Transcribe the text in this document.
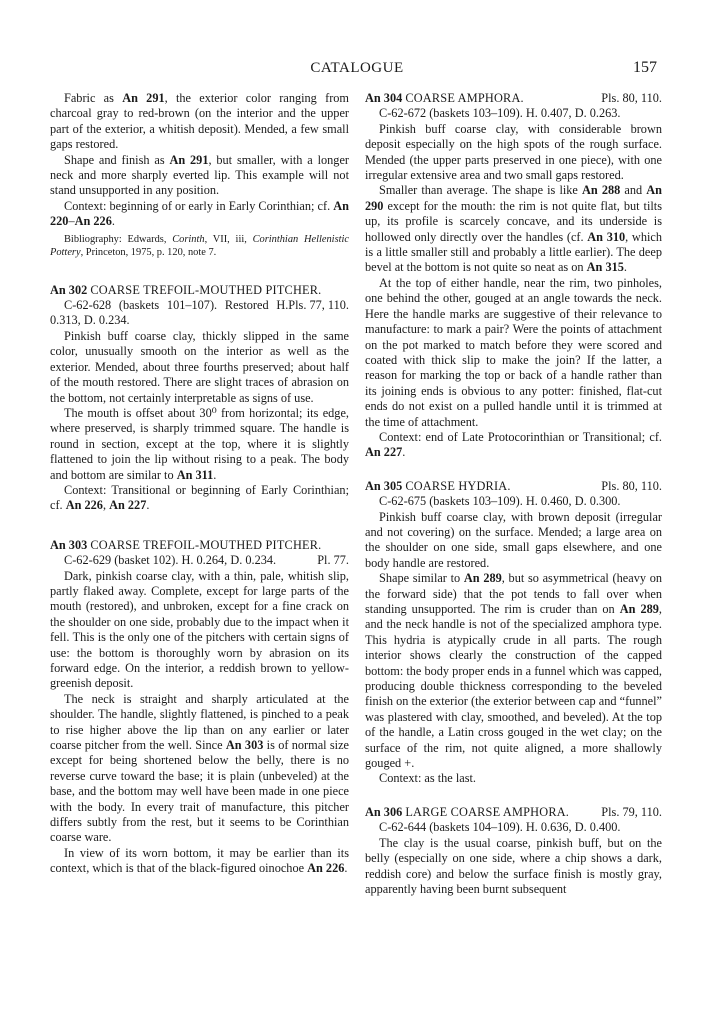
CATALOGUE	157

Fabric as An 291, the exterior color ranging from charcoal gray to red-brown (on the interior and the upper part of the exterior, a whitish deposit). Mended, a few small gaps restored.

Shape and finish as An 291, but smaller, with a longer neck and more sharply everted lip. This example will not stand unsupported in any position.

Context: beginning of or early in Early Corinthian; cf. An 220–An 226.

Bibliography: Edwards, Corinth, VII, iii, Corinthian Hellenistic Pottery, Princeton, 1975, p. 120, note 7.

An 302 COARSE TREFOIL-MOUTHED PITCHER.
Pls. 77, 110.

C-62-628 (baskets 101–107). Restored H. 0.313, D. 0.234.

Pinkish buff coarse clay, thickly slipped in the same color, unusually smooth on the interior as well as the exterior. Mended, about three fourths preserved; about half of the mouth restored. There are slight traces of abrasion on the bottom, not certainly interpretable as signs of use.

The mouth is offset about 30⁰ from horizontal; its edge, where preserved, is sharply trimmed square. The handle is round in section, except at the top, where it is slightly flattened to join the lip without rising to a peak. The body and bottom are similar to An 311.

Context: Transitional or beginning of Early Corinthian; cf. An 226, An 227.

An 303 COARSE TREFOIL-MOUTHED PITCHER.
Pl. 77.

C-62-629 (basket 102). H. 0.264, D. 0.234.

Dark, pinkish coarse clay, with a thin, pale, whitish slip, partly flaked away. Complete, except for large parts of the mouth (restored), and unbroken, except for a fine crack on the shoulder on one side, probably due to the impact when it fell. This is the only one of the pitchers with certain signs of use: the bottom is thoroughly worn by abrasion on its forward edge. On the interior, a reddish brown to yellow-greenish deposit.

The neck is straight and sharply articulated at the shoulder. The handle, slightly flattened, is pinched to a peak to rise higher above the lip than on any earlier or later coarse pitcher from the well. Since An 303 is of normal size except for being shortened below the belly, there is no reverse curve toward the base; it is plain (unbeveled) at the base, and the bottom may well have been made in one piece with the body. In every trait of manufacture, this pitcher differs subtly from the rest, but it seems to be Corinthian coarse ware.

In view of its worn bottom, it may be earlier than its context, which is that of the black-figured oinochoe An 226.

An 304 COARSE AMPHORA.	Pls. 80, 110.

C-62-672 (baskets 103–109). H. 0.407, D. 0.263.

Pinkish buff coarse clay, with considerable brown deposit especially on the high spots of the rough surface. Mended (the upper parts preserved in one piece), with one irregular extensive area and two small gaps restored.

Smaller than average. The shape is like An 288 and An 290 except for the mouth: the rim is not quite flat, but tilts up, its profile is scarcely concave, and its underside is hollowed only directly over the handles (cf. An 310, which is a little smaller still and probably a little earlier). The deep bevel at the bottom is not quite so neat as on An 315.

At the top of either handle, near the rim, two pinholes, one behind the other, gouged at an angle towards the neck. Here the handle marks are suggestive of their relevance to manufacture: to mark a pair? Were the points of attachment on the pot marked to match before they were scored and coated with thick slip to make the join? If the latter, a reason for marking the top or back of a handle rather than its joining ends is obvious to any potter: finished, flat-cut ends do not exist on a pulled handle until it is trimmed at the time of attachment.

Context: end of Late Protocorinthian or Transitional; cf. An 227.

An 305 COARSE HYDRIA.	Pls. 80, 110.

C-62-675 (baskets 103–109). H. 0.460, D. 0.300.

Pinkish buff coarse clay, with brown deposit (irregular and not covering) on the surface. Mended; a large area on the shoulder on one side, small gaps elsewhere, and one body handle are restored.

Shape similar to An 289, but so asymmetrical (heavy on the forward side) that the pot tends to fall over when standing unsupported. The rim is cruder than on An 289, and the neck handle is not of the specialized amphora type. This hydria is atypically crude in all parts. The rough interior shows clearly the construction of the capped bottom: the body proper ends in a funnel which was capped, producing double thickness corresponding to the beveled finish on the exterior (the exterior between cap and “funnel” was plastered with clay, smoothed, and beveled). At the top of the handle, a Latin cross gouged in the wet clay; on the surface of the rim, not quite aligned, a more shallowly gouged +.

Context: as the last.

An 306 LARGE COARSE AMPHORA.	Pls. 79, 110.

C-62-644 (baskets 104–109). H. 0.636, D. 0.400.

The clay is the usual coarse, pinkish buff, but on the belly (especially on one side, where a chip shows a dark, reddish core) and below the surface finish is mostly gray, apparently having been burnt subsequent
